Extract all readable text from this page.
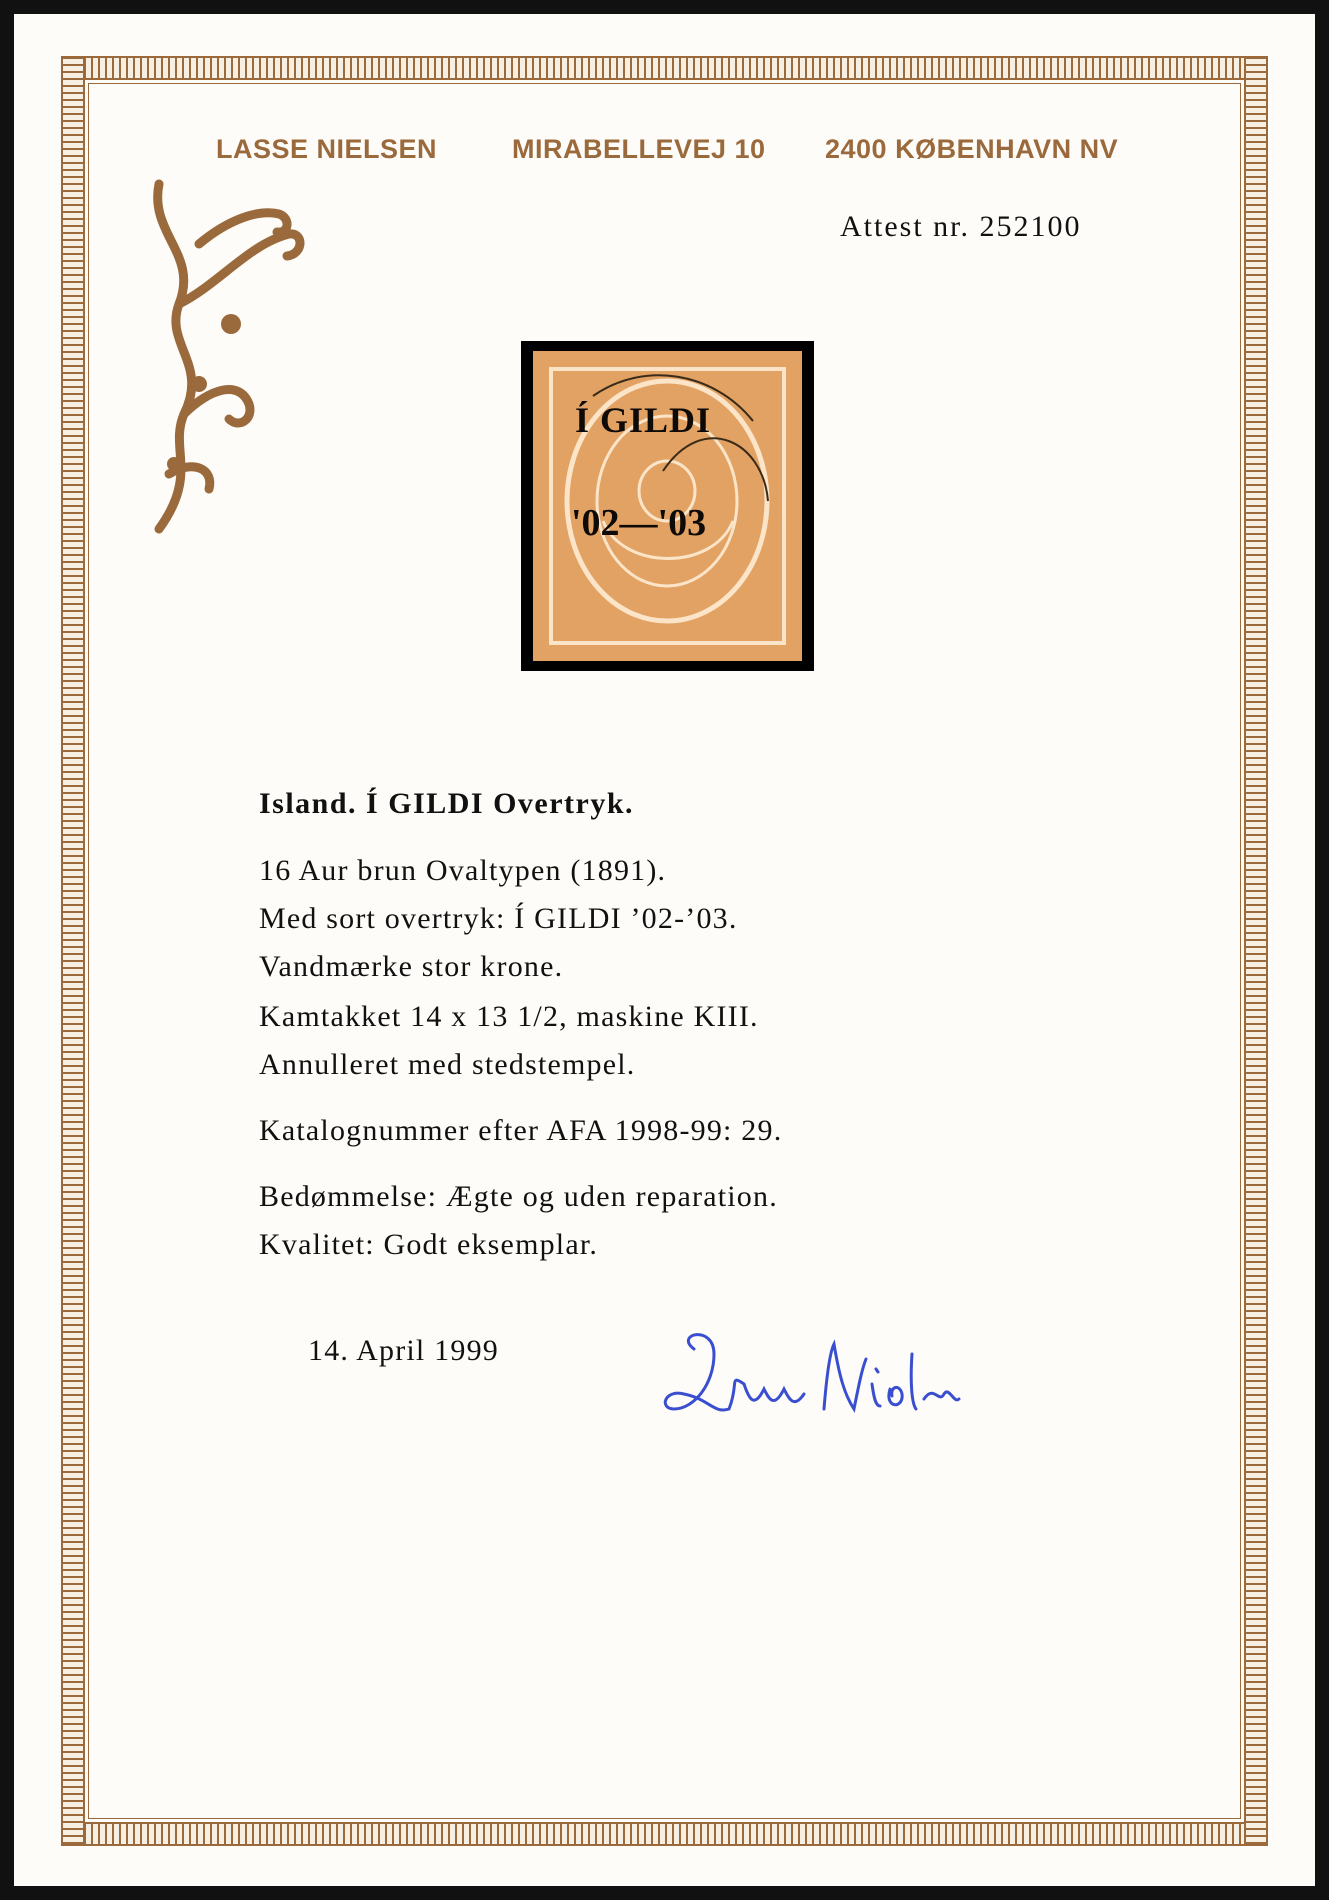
LASSE NIELSEN	MIRABELLEVEJ 10 2400 KØBENHAVN NV
Attest nr. 252100
Í GILDI
'02—'03
Island. Í GILDI Overtryk.
16 Aur brun Ovaltypen (1891).
Med sort overtryk: Í GILDI ’02-’03.
Vandmærke stor krone.
Kamtakket 14 x 13 1/2, maskine KIII.
Annulleret med stedstempel.
Katalognummer efter AFA 1998-99: 29.
Bedømmelse: Ægte og uden reparation.
Kvalitet: Godt eksemplar.
14. April 1999
